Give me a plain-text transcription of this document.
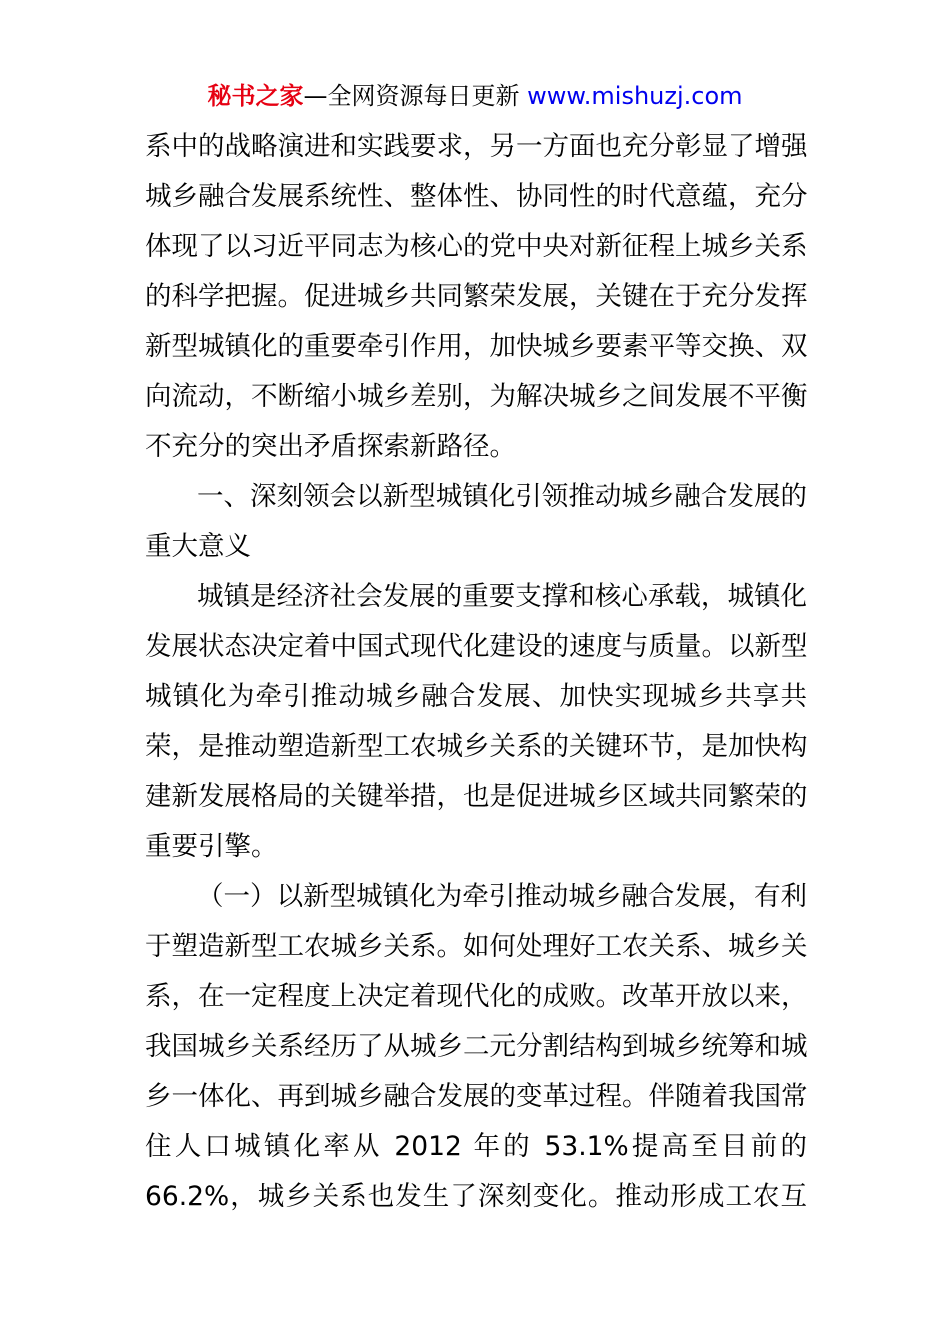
秘书之家—全网资源每日更新 www.mishuzj.com
系中的战略演进和实践要求，另一方面也充分彰显了增强
城乡融合发展系统性、整体性、协同性的时代意蕴，充分
体现了以习近平同志为核心的党中央对新征程上城乡关系
的科学把握。促进城乡共同繁荣发展，关键在于充分发挥
新型城镇化的重要牵引作用，加快城乡要素平等交换、双
向流动，不断缩小城乡差别，为解决城乡之间发展不平衡
不充分的突出矛盾探索新路径。
一、深刻领会以新型城镇化引领推动城乡融合发展的
重大意义
城镇是经济社会发展的重要支撑和核心承载，城镇化
发展状态决定着中国式现代化建设的速度与质量。以新型
城镇化为牵引推动城乡融合发展、加快实现城乡共享共
荣，是推动塑造新型工农城乡关系的关键环节，是加快构
建新发展格局的关键举措，也是促进城乡区域共同繁荣的
重要引擎。
（一）以新型城镇化为牵引推动城乡融合发展，有利
于塑造新型工农城乡关系。如何处理好工农关系、城乡关
系，在一定程度上决定着现代化的成败。改革开放以来，
我国城乡关系经历了从城乡二元分割结构到城乡统筹和城
乡一体化、再到城乡融合发展的变革过程。伴随着我国常
住人口城镇化率从 2012 年的 53.1%提高至目前的
66.2%，城乡关系也发生了深刻变化。推动形成工农互
